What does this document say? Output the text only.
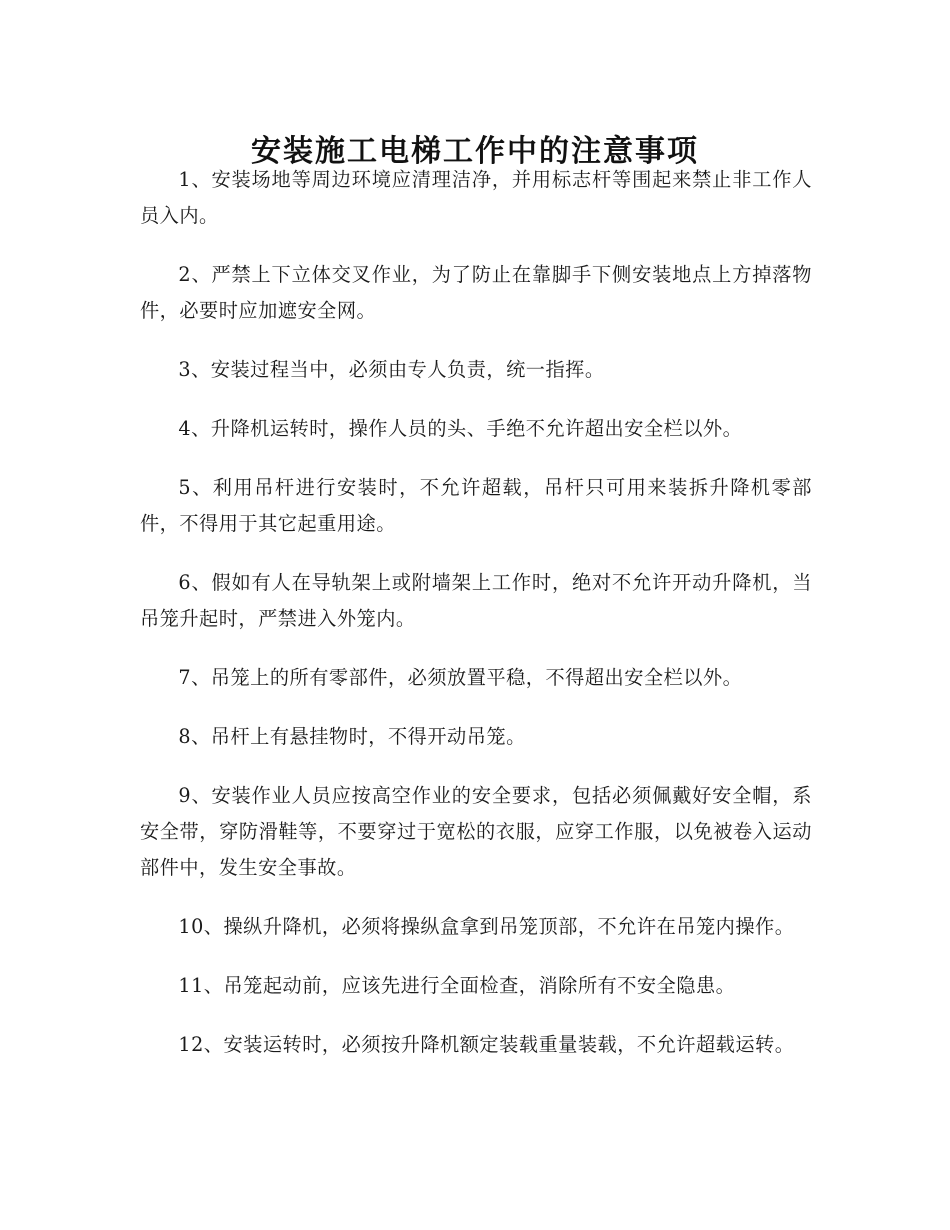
安装施工电梯工作中的注意事项

1、安装场地等周边环境应清理洁净，并用标志杆等围起来禁止非工作人员入内。

2、严禁上下立体交叉作业，为了防止在靠脚手下侧安装地点上方掉落物件，必要时应加遮安全网。

3、安装过程当中，必须由专人负责，统一指挥。

4、升降机运转时，操作人员的头、手绝不允许超出安全栏以外。

5、利用吊杆进行安装时，不允许超载，吊杆只可用来装拆升降机零部件，不得用于其它起重用途。

6、假如有人在导轨架上或附墙架上工作时，绝对不允许开动升降机，当吊笼升起时，严禁进入外笼内。

7、吊笼上的所有零部件，必须放置平稳，不得超出安全栏以外。

8、吊杆上有悬挂物时，不得开动吊笼。

9、安装作业人员应按高空作业的安全要求，包括必须佩戴好安全帽，系安全带，穿防滑鞋等，不要穿过于宽松的衣服，应穿工作服，以免被卷入运动部件中，发生安全事故。

10、操纵升降机，必须将操纵盒拿到吊笼顶部，不允许在吊笼内操作。

11、吊笼起动前，应该先进行全面检查，消除所有不安全隐患。

12、安装运转时，必须按升降机额定装载重量装载，不允许超载运转。
